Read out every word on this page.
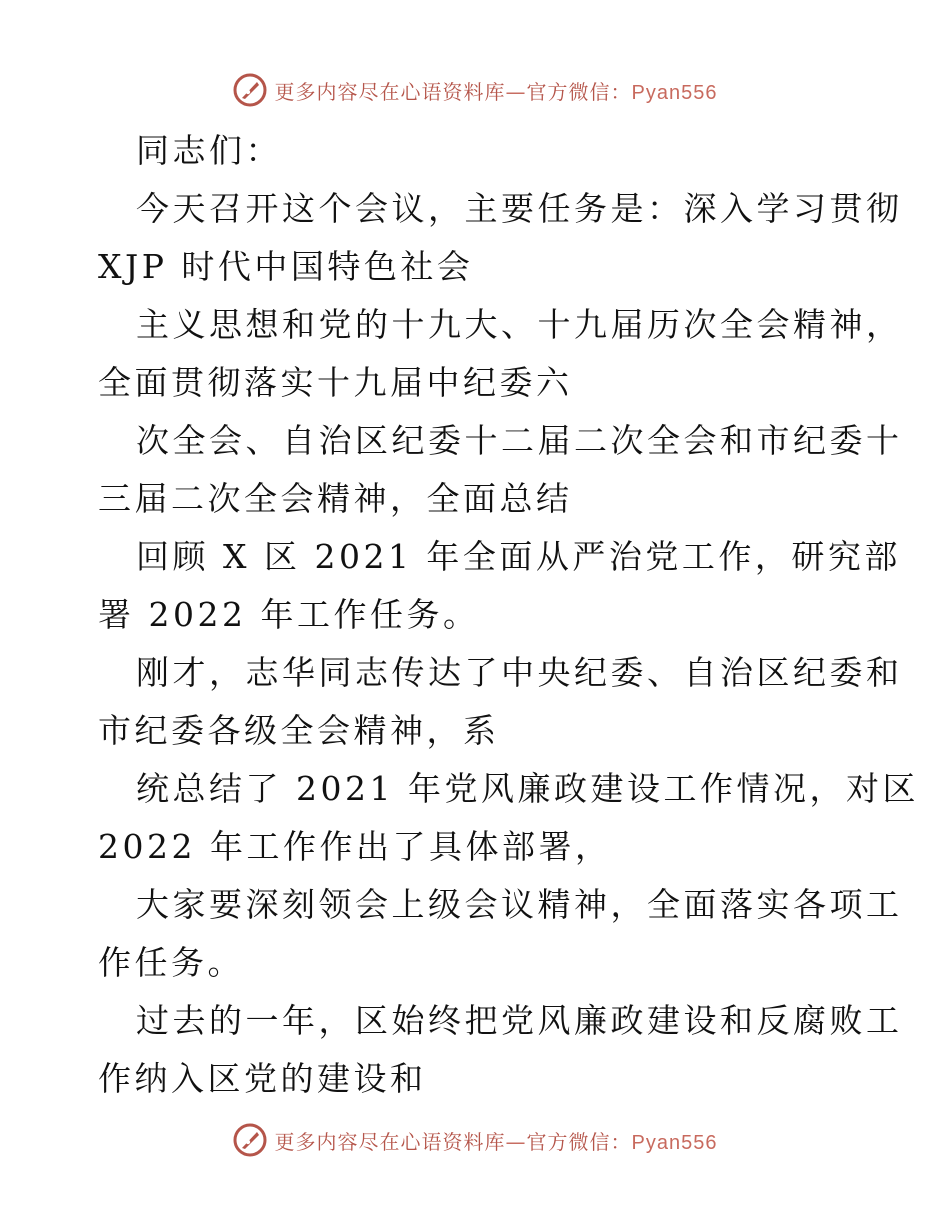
更多内容尽在心语资料库—官方微信：Pyan556
同志们：
今天召开这个会议，主要任务是：深入学习贯彻
XJP 时代中国特色社会
主义思想和党的十九大、十九届历次全会精神，
全面贯彻落实十九届中纪委六
次全会、自治区纪委十二届二次全会和市纪委十
三届二次全会精神，全面总结
回顾 X 区 2021 年全面从严治党工作，研究部
署 2022 年工作任务。
刚才，志华同志传达了中央纪委、自治区纪委和
市纪委各级全会精神，系
统总结了 2021 年党风廉政建设工作情况，对区
2022 年工作作出了具体部署，
大家要深刻领会上级会议精神，全面落实各项工
作任务。
过去的一年，区始终把党风廉政建设和反腐败工
作纳入区党的建设和
更多内容尽在心语资料库—官方微信：Pyan556
